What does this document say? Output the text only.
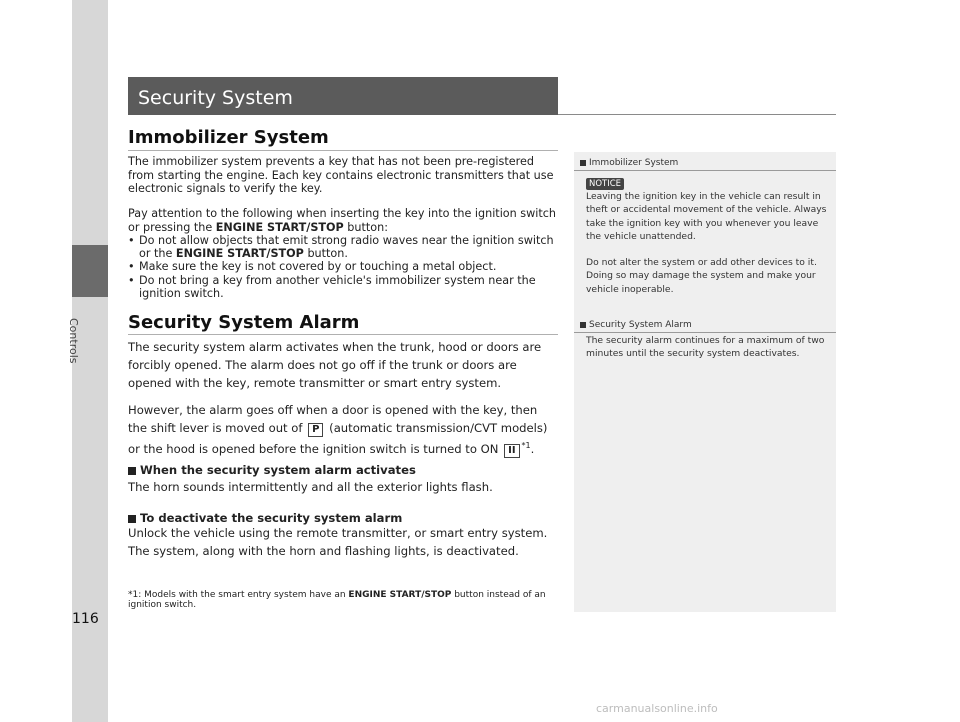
Controls
Security System
Immobilizer System
The immobilizer system prevents a key that has not been pre-registered from starting the engine. Each key contains electronic transmitters that use electronic signals to verify the key.
Pay attention to the following when inserting the key into the ignition switch or pressing the ENGINE START/STOP button:
• Do not allow objects that emit strong radio waves near the ignition switch or the ENGINE START/STOP button.
• Make sure the key is not covered by or touching a metal object.
• Do not bring a key from another vehicle's immobilizer system near the ignition switch.
Security System Alarm
The security system alarm activates when the trunk, hood or doors are forcibly opened. The alarm does not go off if the trunk or doors are opened with the key, remote transmitter or smart entry system.
However, the alarm goes off when a door is opened with the key, then the shift lever is moved out of P (automatic transmission/CVT models) or the hood is opened before the ignition switch is turned to ON II $^{*1}$.
When the security system alarm activates
The horn sounds intermittently and all the exterior lights flash.
To deactivate the security system alarm
Unlock the vehicle using the remote transmitter, or smart entry system. The system, along with the horn and flashing lights, is deactivated.
*1: Models with the smart entry system have an ENGINE START/STOP button instead of an ignition switch.
Immobilizer System
NOTICE
Leaving the ignition key in the vehicle can result in theft or accidental movement of the vehicle. Always take the ignition key with you whenever you leave the vehicle unattended.
Do not alter the system or add other devices to it. Doing so may damage the system and make your vehicle inoperable.
Security System Alarm
The security alarm continues for a maximum of two minutes until the security system deactivates.
116
carmanualsonline.info
